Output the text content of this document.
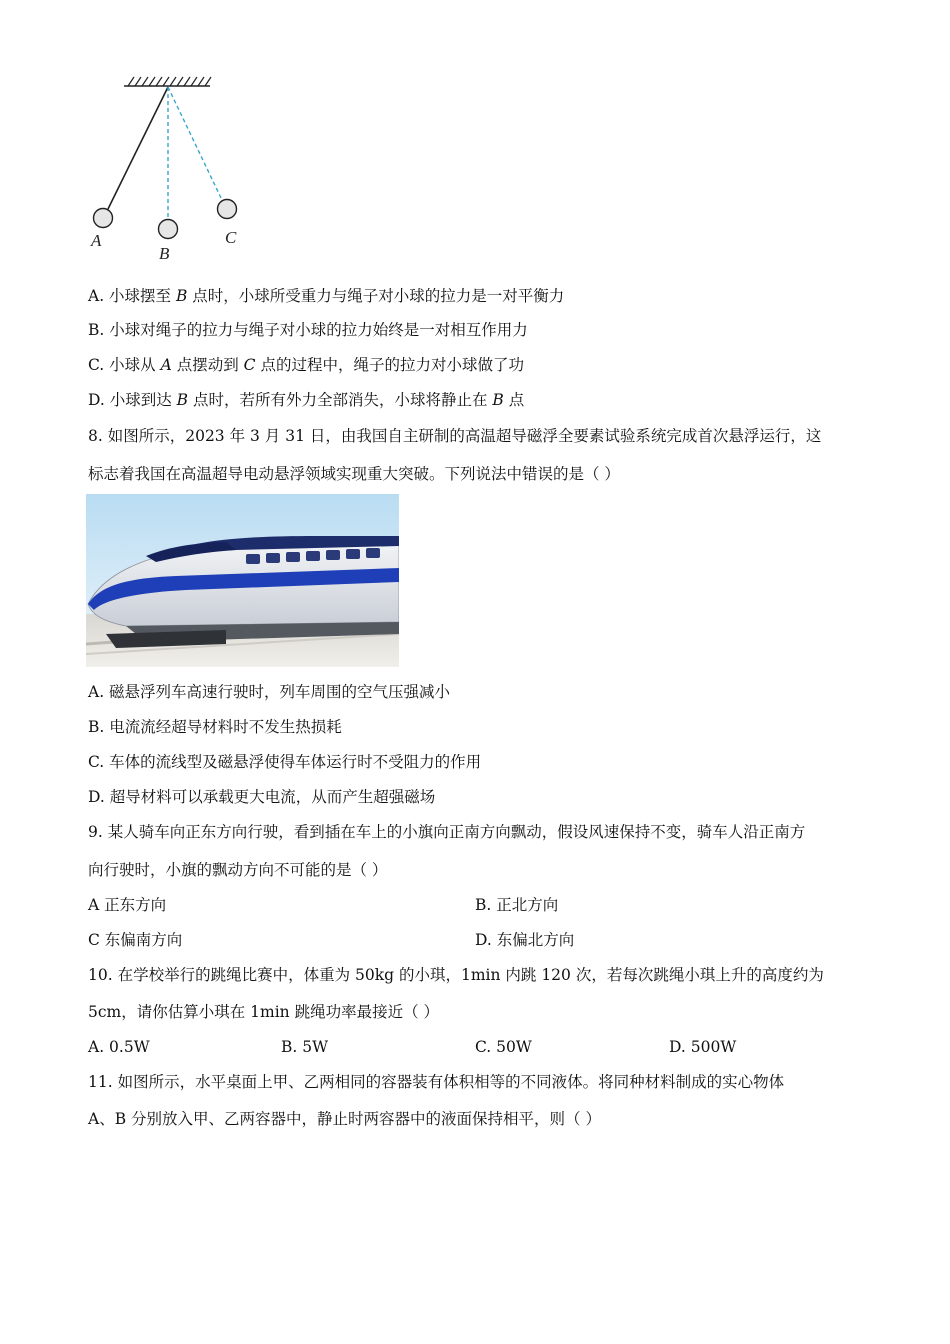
A
B
C
A. 小球摆至 B 点时，小球所受重力与绳子对小球的拉力是一对平衡力
B. 小球对绳子的拉力与绳子对小球的拉力始终是一对相互作用力
C. 小球从 A 点摆动到 C 点的过程中，绳子的拉力对小球做了功
D. 小球到达 B 点时，若所有外力全部消失，小球将静止在 B 点
8. 如图所示，2023 年 3 月 31 日，由我国自主研制的高温超导磁浮全要素试验系统完成首次悬浮运行，这
标志着我国在高温超导电动悬浮领域实现重大突破。下列说法中错误的是（ ）
A. 磁悬浮列车高速行驶时，列车周围的空气压强减小
B. 电流流经超导材料时不发生热损耗
C. 车体的流线型及磁悬浮使得车体运行时不受阻力的作用
D. 超导材料可以承载更大电流，从而产生超强磁场
9. 某人骑车向正东方向行驶，看到插在车上的小旗向正南方向飘动，假设风速保持不变，骑车人沿正南方
向行驶时，小旗的飘动方向不可能的是（ ）
A 正东方向	B. 正北方向
C 东偏南方向	D. 东偏北方向
10. 在学校举行的跳绳比赛中，体重为 50kg 的小琪，1min 内跳 120 次，若每次跳绳小琪上升的高度约为
5cm，请你估算小琪在 1min 跳绳功率最接近（ ）
A. 0.5W	B. 5W	C. 50W	D. 500W
11. 如图所示，水平桌面上甲、乙两相同的容器装有体积相等的不同液体。将同种材料制成的实心物体
A、B 分别放入甲、乙两容器中，静止时两容器中的液面保持相平，则（ ）
